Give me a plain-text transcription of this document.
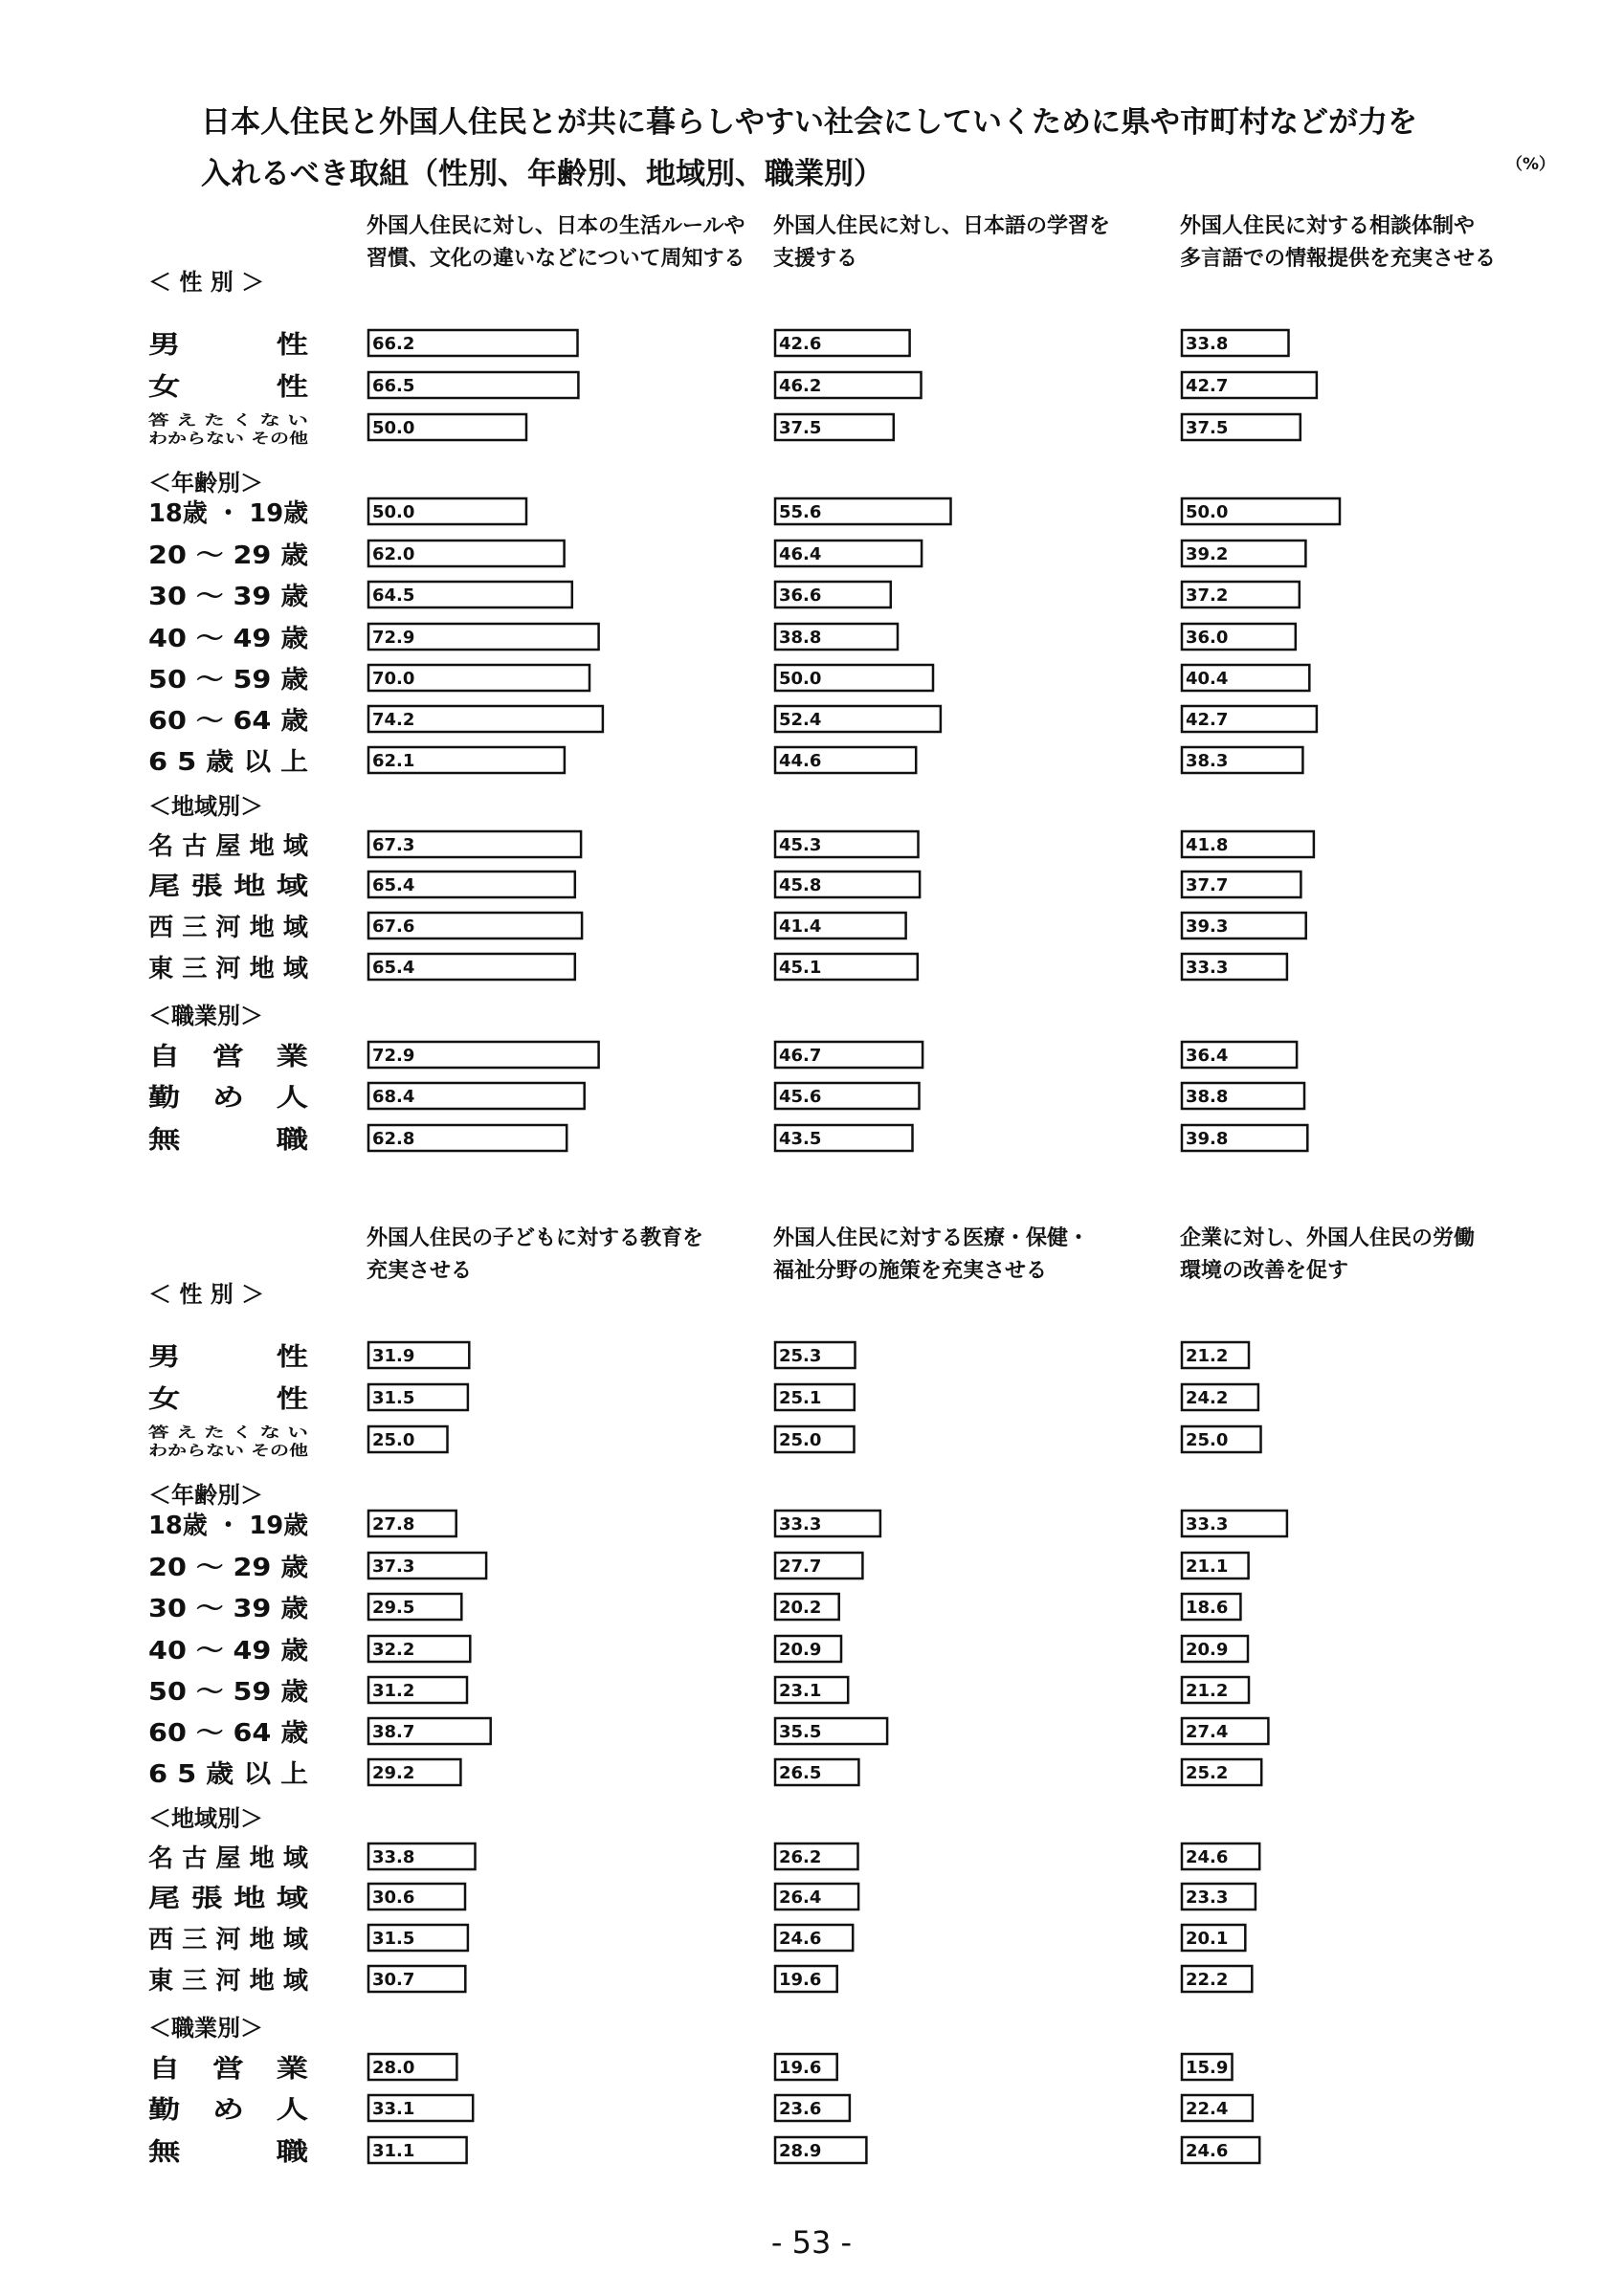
日本人住民と外国人住民とが共に暮らしやすい社会にしていくために県や市町村などが力を
入れるべき取組（性別、年齢別、地域別、職業別）	（%）
外国人住民に対し、日本の生活ルールや
習慣、文化の違いなどについて周知する
外国人住民に対し、日本語の学習を
支援する
外国人住民に対する相談体制や
多言語での情報提供を充実させる
＜ 性 別 ＞
男　　　性	66.2	42.6	33.8
女　　　性	66.5	46.2	42.7
答 え た く な い
わからない その他	50.0	37.5	37.5
＜年齢別＞
18歳 ・ 19歳	50.0	55.6	50.0
20 ～ 29 歳	62.0	46.4	39.2
30 ～ 39 歳	64.5	36.6	37.2
40 ～ 49 歳	72.9	38.8	36.0
50 ～ 59 歳	70.0	50.0	40.4
60 ～ 64 歳	74.2	52.4	42.7
6 5 歳 以 上	62.1	44.6	38.3
＜地域別＞
名 古 屋 地 域	67.3	45.3	41.8
尾 張 地 域	65.4	45.8	37.7
西 三 河 地 域	67.6	41.4	39.3
東 三 河 地 域	65.4	45.1	33.3
＜職業別＞
自　営　業	72.9	46.7	36.4
勤　め　人	68.4	45.6	38.8
無　　　職	62.8	43.5	39.8
外国人住民の子どもに対する教育を
充実させる
外国人住民に対する医療・保健・
福祉分野の施策を充実させる
企業に対し、外国人住民の労働
環境の改善を促す
＜ 性 別 ＞
男　　　性	31.9	25.3	21.2
女　　　性	31.5	25.1	24.2
答 え た く な い
わからない その他	25.0	25.0	25.0
＜年齢別＞
18歳 ・ 19歳	27.8	33.3	33.3
20 ～ 29 歳	37.3	27.7	21.1
30 ～ 39 歳	29.5	20.2	18.6
40 ～ 49 歳	32.2	20.9	20.9
50 ～ 59 歳	31.2	23.1	21.2
60 ～ 64 歳	38.7	35.5	27.4
6 5 歳 以 上	29.2	26.5	25.2
＜地域別＞
名 古 屋 地 域	33.8	26.2	24.6
尾 張 地 域	30.6	26.4	23.3
西 三 河 地 域	31.5	24.6	20.1
東 三 河 地 域	30.7	19.6	22.2
＜職業別＞
自　営　業	28.0	19.6	15.9
勤　め　人	33.1	23.6	22.4
無　　　職	31.1	28.9	24.6
- 53 -
